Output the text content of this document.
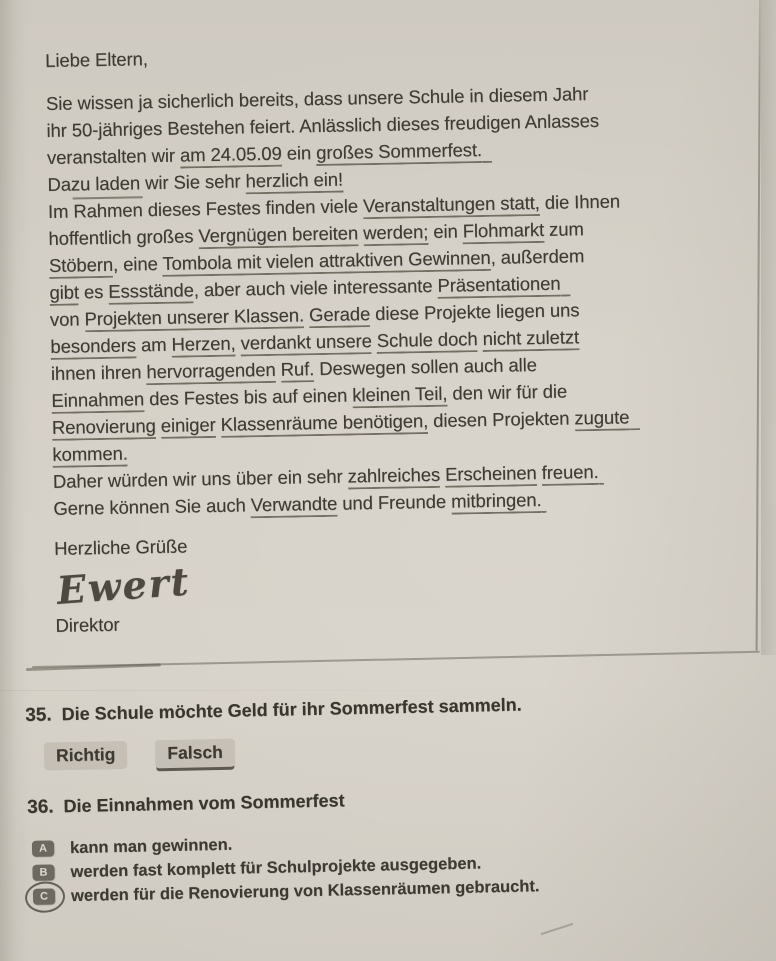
Liebe Eltern,
Sie wissen ja sicherlich bereits, dass unsere Schule in diesem Jahr
ihr 50-jähriges Bestehen feiert. Anlässlich dieses freudigen Anlasses
veranstalten wir am 24.05.09 ein großes Sommerfest.
Dazu laden wir Sie sehr herzlich ein!
Im Rahmen dieses Festes finden viele Veranstaltungen statt, die Ihnen
hoffentlich großes Vergnügen bereiten werden; ein Flohmarkt zum
Stöbern, eine Tombola mit vielen attraktiven Gewinnen, außerdem
gibt es Essstände, aber auch viele interessante Präsentationen
von Projekten unserer Klassen. Gerade diese Projekte liegen uns
besonders am Herzen, verdankt unsere Schule doch nicht zuletzt
ihnen ihren hervorragenden Ruf. Deswegen sollen auch alle
Einnahmen des Festes bis auf einen kleinen Teil, den wir für die
Renovierung einiger Klassenräume benötigen, diesen Projekten zugute
kommen.
Daher würden wir uns über ein sehr zahlreiches Erscheinen freuen.
Gerne können Sie auch Verwandte und Freunde mitbringen.
Herzliche Grüße
Ewert
Direktor
35. Die Schule möchte Geld für ihr Sommerfest sammeln.
Richtig	Falsch
36. Die Einnahmen vom Sommerfest
A	kann man gewinnen.
B	werden fast komplett für Schulprojekte ausgegeben.
C	werden für die Renovierung von Klassenräumen gebraucht.
